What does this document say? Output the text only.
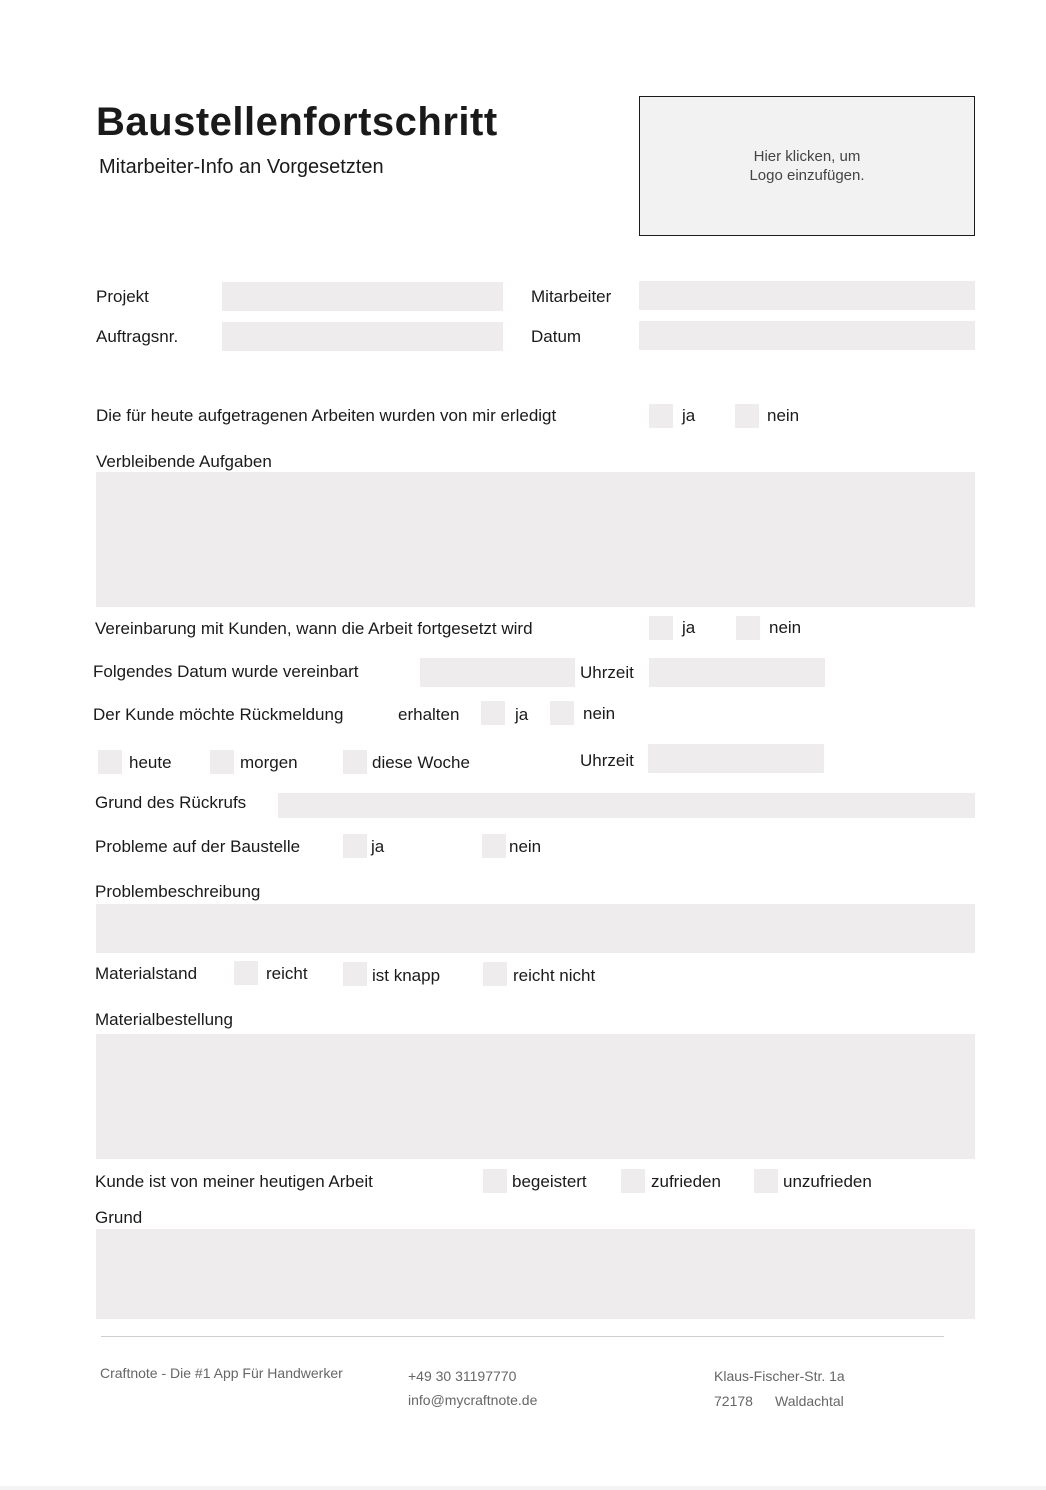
Baustellenfortschritt
Mitarbeiter-Info an Vorgesetzten	Hier klicken, um
Logo einzufügen.
Projekt	Mitarbeiter
Auftragsnr.	Datum
Die für heute aufgetragenen Arbeiten wurden von mir erledigt	ja	nein
Verbleibende Aufgaben
Vereinbarung mit Kunden, wann die Arbeit fortgesetzt wird	ja	nein
Folgendes Datum wurde vereinbart	Uhrzeit
Der Kunde möchte Rückmeldung	erhalten	ja	nein
heute	morgen	diese Woche	Uhrzeit
Grund des Rückrufs
Probleme auf der Baustelle	ja	nein
Problembeschreibung
Materialstand	reicht	ist knapp	reicht nicht
Materialbestellung
Kunde ist von meiner heutigen Arbeit	begeistert	zufrieden	unzufrieden
Grund
Craftnote - Die #1 App Für Handwerker	+49 30 31197770
info@mycraftnote.de
Klaus-Fischer-Str. 1a
72178 Waldachtal
